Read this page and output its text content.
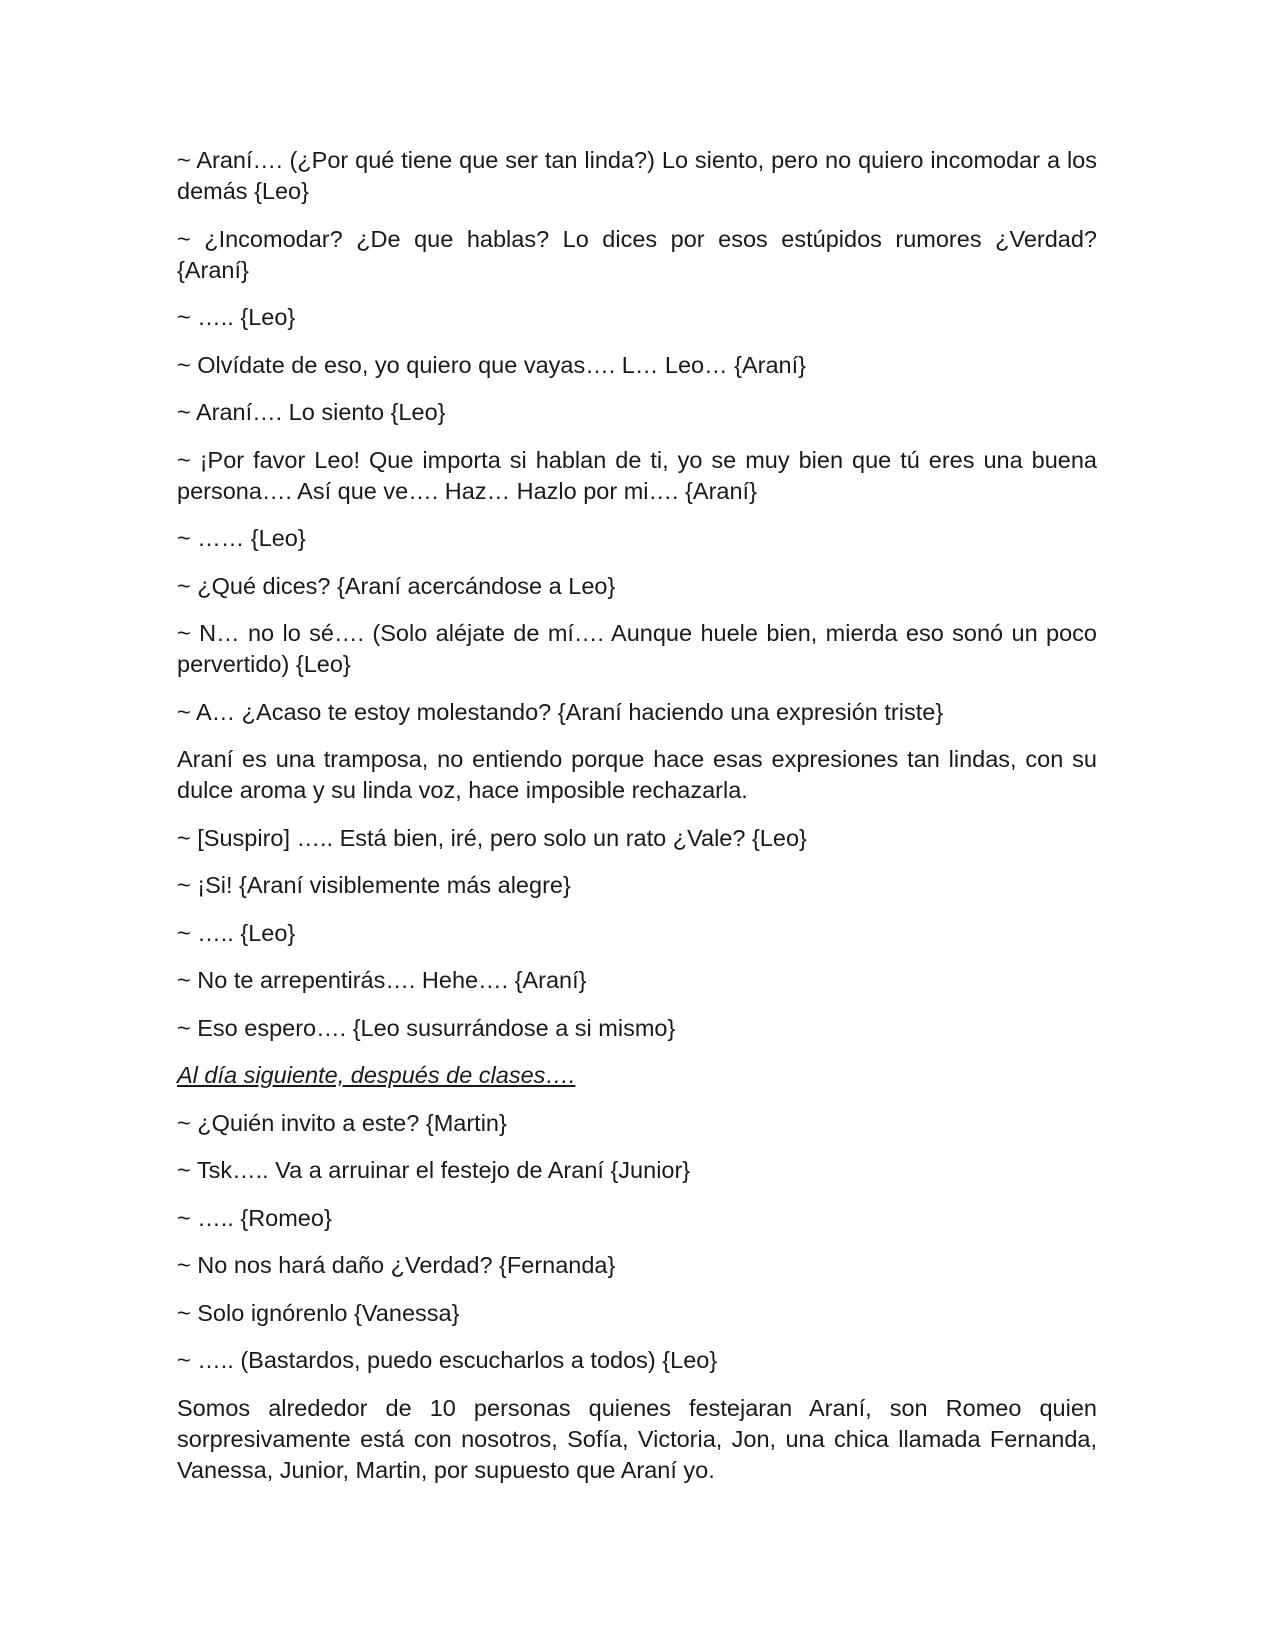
~ Araní…. (¿Por qué tiene que ser tan linda?) Lo siento, pero no quiero incomodar a los demás {Leo}

~ ¿Incomodar? ¿De que hablas? Lo dices por esos estúpidos rumores ¿Verdad? {Araní}

~ ….. {Leo}

~ Olvídate de eso, yo quiero que vayas…. L… Leo… {Araní}

~ Araní…. Lo siento {Leo}

~ ¡Por favor Leo! Que importa si hablan de ti, yo se muy bien que tú eres una buena persona…. Así que ve…. Haz… Hazlo por mi…. {Araní}

~ …… {Leo}

~ ¿Qué dices? {Araní acercándose a Leo}

~ N… no lo sé…. (Solo aléjate de mí…. Aunque huele bien, mierda eso sonó un poco pervertido) {Leo}

~ A… ¿Acaso te estoy molestando? {Araní haciendo una expresión triste}

Araní es una tramposa, no entiendo porque hace esas expresiones tan lindas, con su dulce aroma y su linda voz, hace imposible rechazarla.

~ [Suspiro] ….. Está bien, iré, pero solo un rato ¿Vale? {Leo}

~ ¡Si! {Araní visiblemente más alegre}

~ ….. {Leo}

~ No te arrepentirás…. Hehe…. {Araní}

~ Eso espero…. {Leo susurrándose a si mismo}

Al día siguiente, después de clases….

~ ¿Quién invito a este? {Martin}

~ Tsk….. Va a arruinar el festejo de Araní {Junior}

~ ….. {Romeo}

~ No nos hará daño ¿Verdad? {Fernanda}

~ Solo ignórenlo {Vanessa}

~ ….. (Bastardos, puedo escucharlos a todos) {Leo}

Somos alrededor de 10 personas quienes festejaran Araní, son Romeo quien sorpresivamente está con nosotros, Sofía, Victoria, Jon, una chica llamada Fernanda, Vanessa, Junior, Martin, por supuesto que Araní yo.
